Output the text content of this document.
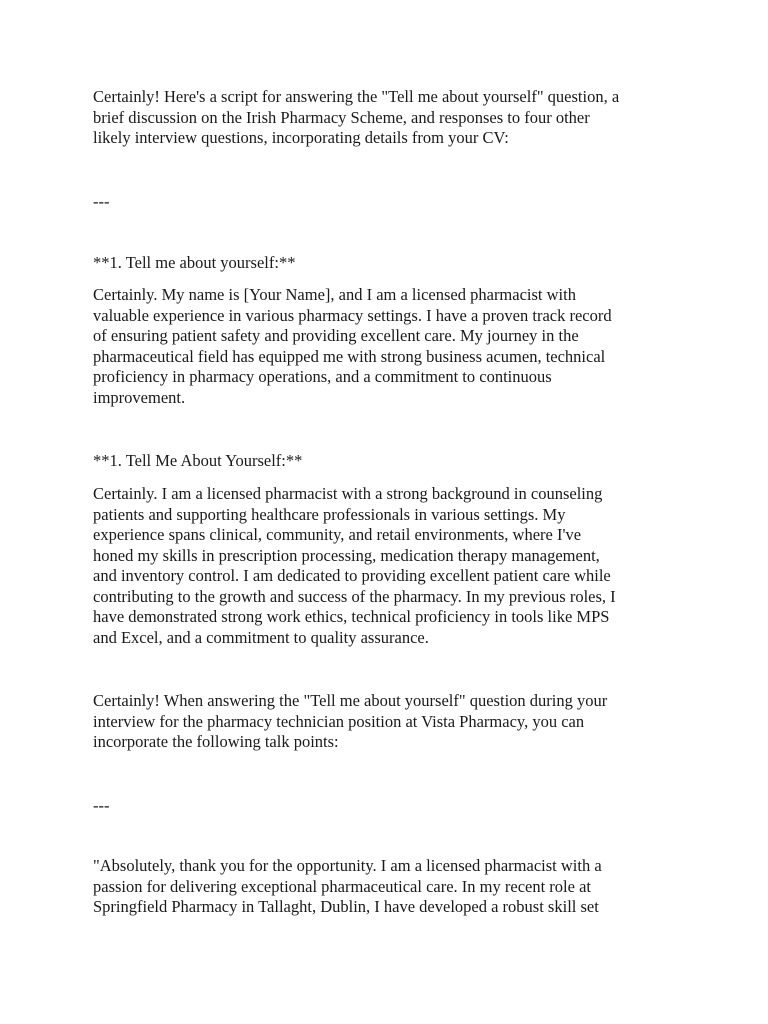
Certainly! Here's a script for answering the "Tell me about yourself" question, a
brief discussion on the Irish Pharmacy Scheme, and responses to four other
likely interview questions, incorporating details from your CV:

---

**1. Tell me about yourself:**

Certainly. My name is [Your Name], and I am a licensed pharmacist with
valuable experience in various pharmacy settings. I have a proven track record
of ensuring patient safety and providing excellent care. My journey in the
pharmaceutical field has equipped me with strong business acumen, technical
proficiency in pharmacy operations, and a commitment to continuous
improvement.

**1. Tell Me About Yourself:**

Certainly. I am a licensed pharmacist with a strong background in counseling
patients and supporting healthcare professionals in various settings. My
experience spans clinical, community, and retail environments, where I've
honed my skills in prescription processing, medication therapy management,
and inventory control. I am dedicated to providing excellent patient care while
contributing to the growth and success of the pharmacy. In my previous roles, I
have demonstrated strong work ethics, technical proficiency in tools like MPS
and Excel, and a commitment to quality assurance.

Certainly! When answering the "Tell me about yourself" question during your
interview for the pharmacy technician position at Vista Pharmacy, you can
incorporate the following talk points:

---

"Absolutely, thank you for the opportunity. I am a licensed pharmacist with a
passion for delivering exceptional pharmaceutical care. In my recent role at
Springfield Pharmacy in Tallaght, Dublin, I have developed a robust skill set
